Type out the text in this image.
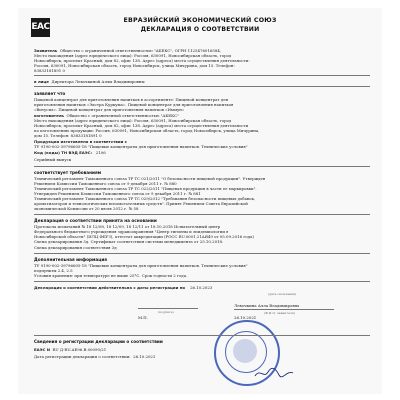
ЕАС
ЕВРАЗИЙСКИЙ ЭКОНОМИЧЕСКИЙ СОЮЗ
ДЕКЛАРАЦИЯ О СООТВЕТСТВИИ
Заявитель Общество с ограниченной ответственностью "АБЕКС", ОГРН 1125476016584,
Место нахождения (адрес юридического лица): Россия, 630091, Новосибирская область, город
Новосибирск, проспект Красный, дом 82, офис 138. Адрес (адреса) места осуществления деятельности:
Россия, 630091, Новосибирская область, город Новосибирск, улица Мичурина, дом 15. Телефон:
83833181891 0
в лице Директора Левочкиной Аллы Владимировны
заявляет что
Пищевой концентрат для приготовления напитков в ассортименте: Пищевой концентрат для
приготовления напитков «Экстра Куркума». Пищевой концентрат для приготовления напитков
«Витусил». Пищевой концентрат для приготовления напитков «Иммун»
изготовитель Общество с ограниченной ответственностью "АБЕКС"
Место нахождения (адрес юридического лица): Россия, 630091, Новосибирская область, город
Новосибирск, проспект Красный, дом 82, офис 138. Адрес (адреса) места осуществления деятельности
по изготовлению продукции: Россия, 630091, Новосибирская область, город Новосибирск, улица Мичурина,
дом 15. Телефон: 83833181891 0
Продукция изготовлена в соответствии с
ТУ 9190-002-39796605-18 "Пищевые концентраты для приготовления напитков. Технические условия"
Код (коды) ТН ВЭД ЕАЭС: 2106
Серийный выпуск
соответствует требованиям
Технический регламент Таможенного союза ТР ТС 021/2011 "О безопасности пищевой продукции". Утвержден
Решением Комиссии Таможенного союза от 9 декабря 2011 г. № 880
Технический регламент Таможенного союза ТР ТС 022/2011 "Пищевая продукция в части ее маркировки".
Утвержден Решением Комиссии Таможенного союза от 9 декабря 2011 г. № 881
Технический регламент Таможенного союза ТР ТС 029/2012 "Требования безопасности пищевых добавок,
ароматизаторов и технологических вспомогательных средств". Принят Решением Совета Евразийской
экономической Комиссии от 20 июля 2012 г. № 58
Декларация о соответствии принята на основании
Протокола испытаний № 18 12/08, 18 12/09, 18 12/11 от 18.10.2018 Испытательный центр
Федерального бюджетного учреждения здравоохранения "Центр гигиены и эпидемиологии в
Новосибирской области" (ИЛЦ ФБУЗ), аттестат аккредитации (РОСС RU.0001.21АЯ49 от 05.09.2016 года)
Схема декларирования 3д. Сертификат соответствия системы менеджмента от 25.10.2018.
Схема декларирования соответствия 3д
Дополнительная информация
ТУ 9190-002-39796605-18 "Пищевые концентраты для приготовления напитков. Технические условия"
подпункты 2.4, 2.5
Условия хранения: при температуре не выше 25°С. Срок годности 2 года.
Декларация о соответствии действительна с даты регистрации по 26.10.2023
(дата окончания)
(подпись)
Левочкина Алла Владимировна
(Ф.И.О. заявителя)
М.П.	26.10.2021
Сведения о регистрации декларации о соответствии
ЕАЭС N RU Д-RU.АЕ96.В.00090/21
Дата регистрации декларации о соответствии: 26.10.2021
